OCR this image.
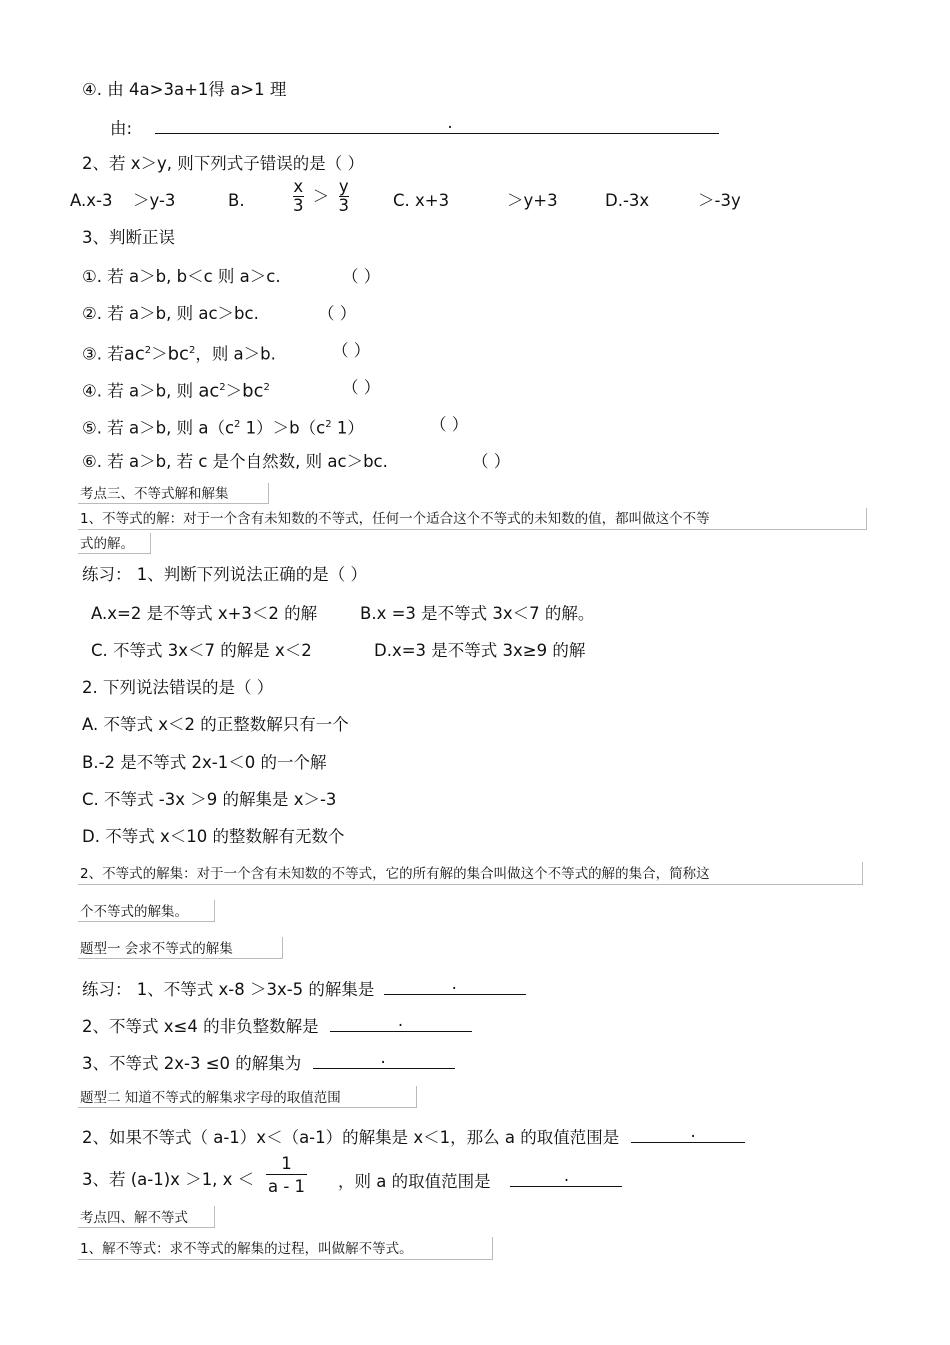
④. 由 4a>3a+1得 a>1 理
由:	.
2、若 x＞y, 则下列式子错误的是（ ）
A.x-3 ＞y-3	B.	$\frac{x}{3} > \frac{y}{3}$	C. x+3	＞y+3	D.-3x	＞-3y
3、判断正误
①. 若 a＞b, b＜c 则 a＞c.	（ ）
②. 若 a＞b, 则 ac＞bc.	（ ）
③. 若$ac^2>bc^2$，则 a＞b.	（ ）
④. 若 a＞b, 则 $ac^2>bc^2$	（ ）
⑤. 若 a＞b, 则 $a(c^2$ $1)>b(c^2$ 1）	（ ）
⑥. 若 a＞b, 若 c 是个自然数, 则 ac＞bc.	（ ）
考点三、不等式解和解集
1、不等式的解：对于一个含有未知数的不等式，任何一个适合这个不等式的未知数的值，都叫做这个不等
式的解。
练习： 1、判断下列说法正确的是（ ）
A.x=2 是不等式 x+3＜2 的解	B.x =3 是不等式 3x＜7 的解。
C. 不等式 3x＜7 的解是 x＜2	D.x=3 是不等式 3x≥9 的解
2. 下列说法错误的是（ ）
A. 不等式 x＜2 的正整数解只有一个
B.-2 是不等式 2x-1＜0 的一个解
C. 不等式 -3x ＞9 的解集是 x＞-3
D. 不等式 x＜10 的整数解有无数个
2、不等式的解集：对于一个含有未知数的不等式，它的所有解的集合叫做这个不等式的解的集合，简称这
个不等式的解集。
题型一 会求不等式的解集
练习： 1、不等式 x-8 ＞3x-5 的解集是	.
2、不等式 x≤4 的非负整数解是	.
3、不等式 2x-3 ≤0 的解集为	.
题型二 知道不等式的解集求字母的取值范围
2、如果不等式（ a-1）x＜（a-1）的解集是 x＜1，那么 a 的取值范围是	.
3、若 (a-1)x ＞1, $x < \frac{1}{a - 1}$ ，则 a 的取值范围是	.
考点四、解不等式
1、解不等式：求不等式的解集的过程，叫做解不等式。
